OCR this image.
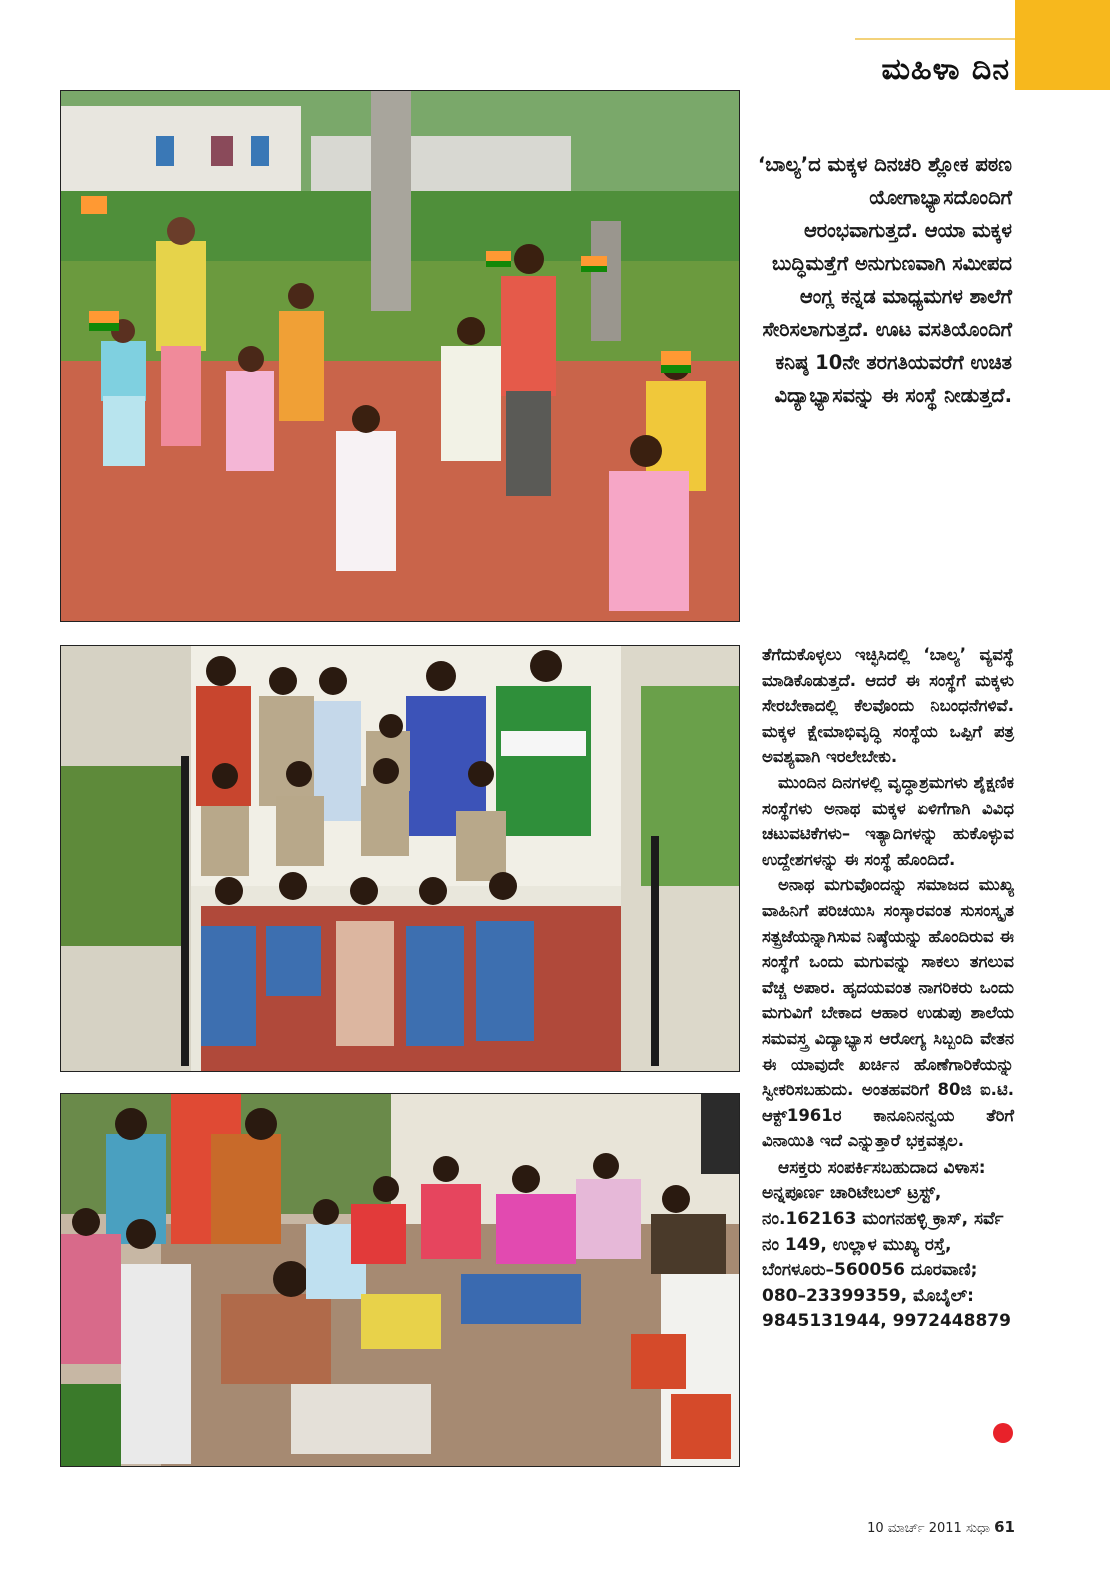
ಮಹಿಳಾ ದಿನ

‘ಬಾಲ್ಯ’ದ ಮಕ್ಕಳ ದಿನಚರಿ ಶ್ಲೋಕ ಪಠಣ ಯೋಗಾಭ್ಯಾಸದೊಂದಿಗೆ ಆರಂಭವಾಗುತ್ತದೆ. ಆಯಾ ಮಕ್ಕಳ ಬುದ್ಧಿಮತ್ತೆಗೆ ಅನುಗುಣವಾಗಿ ಸಮೀಪದ ಆಂಗ್ಲ ಕನ್ನಡ ಮಾಧ್ಯಮಗಳ ಶಾಲೆಗೆ ಸೇರಿಸಲಾಗುತ್ತದೆ. ಊಟ ವಸತಿಯೊಂದಿಗೆ ಕನಿಷ್ಠ 10ನೇ ತರಗತಿಯವರೆಗೆ ಉಚಿತ ವಿದ್ಯಾಭ್ಯಾಸವನ್ನು ಈ ಸಂಸ್ಥೆ ನೀಡುತ್ತದೆ.

ತೆಗೆದುಕೊಳ್ಳಲು ಇಚ್ಛಿಸಿದಲ್ಲಿ ‘ಬಾಲ್ಯ’ ವ್ಯವಸ್ಥೆ ಮಾಡಿಕೊಡುತ್ತದೆ. ಆದರೆ ಈ ಸಂಸ್ಥೆಗೆ ಮಕ್ಕಳು ಸೇರಬೇಕಾದಲ್ಲಿ ಕೆಲವೊಂದು ನಿಬಂಧನೆಗಳಿವೆ. ಮಕ್ಕಳ ಕ್ಷೇಮಾಭಿವೃದ್ಧಿ ಸಂಸ್ಥೆಯ ಒಪ್ಪಿಗೆ ಪತ್ರ ಅವಶ್ಯವಾಗಿ ಇರಲೇಬೇಕು.

ಮುಂದಿನ ದಿನಗಳಲ್ಲಿ ವೃದ್ಧಾಶ್ರಮಗಳು ಶೈಕ್ಷಣಿಕ ಸಂಸ್ಥೆಗಳು ಅನಾಥ ಮಕ್ಕಳ ಏಳಿಗೆಗಾಗಿ ವಿವಿಧ ಚಟುವಟಿಕೆಗಳು– ಇತ್ಯಾದಿಗಳನ್ನು ಹುಕೊಳ್ಳುವ ಉದ್ದೇಶಗಳನ್ನು ಈ ಸಂಸ್ಥೆ ಹೊಂದಿದೆ.

ಅನಾಥ ಮಗುವೊಂದನ್ನು ಸಮಾಜದ ಮುಖ್ಯ ವಾಹಿನಿಗೆ ಪರಿಚಯಿಸಿ ಸಂಸ್ಕಾರವಂತ ಸುಸಂಸ್ಕೃತ ಸತ್ಪ್ರಜೆಯನ್ನಾಗಿಸುವ ನಿಷ್ಠೆಯನ್ನು ಹೊಂದಿರುವ ಈ ಸಂಸ್ಥೆಗೆ ಒಂದು ಮಗುವನ್ನು ಸಾಕಲು ತಗಲುವ ವೆಚ್ಚ ಅಪಾರ. ಹೃದಯವಂತ ನಾಗರಿಕರು ಒಂದು ಮಗುವಿಗೆ ಬೇಕಾದ ಆಹಾರ ಉಡುಪು ಶಾಲೆಯ ಸಮವಸ್ತ್ರ ವಿದ್ಯಾಭ್ಯಾಸ ಆರೋಗ್ಯ ಸಿಬ್ಬಂದಿ ವೇತನ ಈ ಯಾವುದೇ ಖರ್ಚಿನ ಹೊಣೆಗಾರಿಕೆಯನ್ನು ಸ್ವೀಕರಿಸಬಹುದು. ಅಂತಹವರಿಗೆ 80ಜಿ ಐ.ಟಿ. ಆಕ್ಟ್1961ರ ಕಾನೂನಿನನ್ವಯ ತೆರಿಗೆ ವಿನಾಯಿತಿ ಇದೆ ಎನ್ನುತ್ತಾರೆ ಭಕ್ತವತ್ಸಲ.

ಆಸಕ್ತರು ಸಂಪರ್ಕಿಸಬಹುದಾದ ವಿಳಾಸ:

ಅನ್ನಪೂರ್ಣ ಚಾರಿಟೇಬಲ್ ಟ್ರಸ್ಟ್,

ನಂ.162163 ಮಂಗನಹಳ್ಳಿ ಕ್ರಾಸ್, ಸರ್ವೆ

ನಂ 149, ಉಲ್ಲಾಳ ಮುಖ್ಯ ರಸ್ತೆ,

ಬೆಂಗಳೂರು–560056 ದೂರವಾಣಿ;

080–23399359, ಮೊಬೈಲ್:

9845131944, 9972448879

10 ಮಾರ್ಚ್ 2011 ಸುಧಾ 61
